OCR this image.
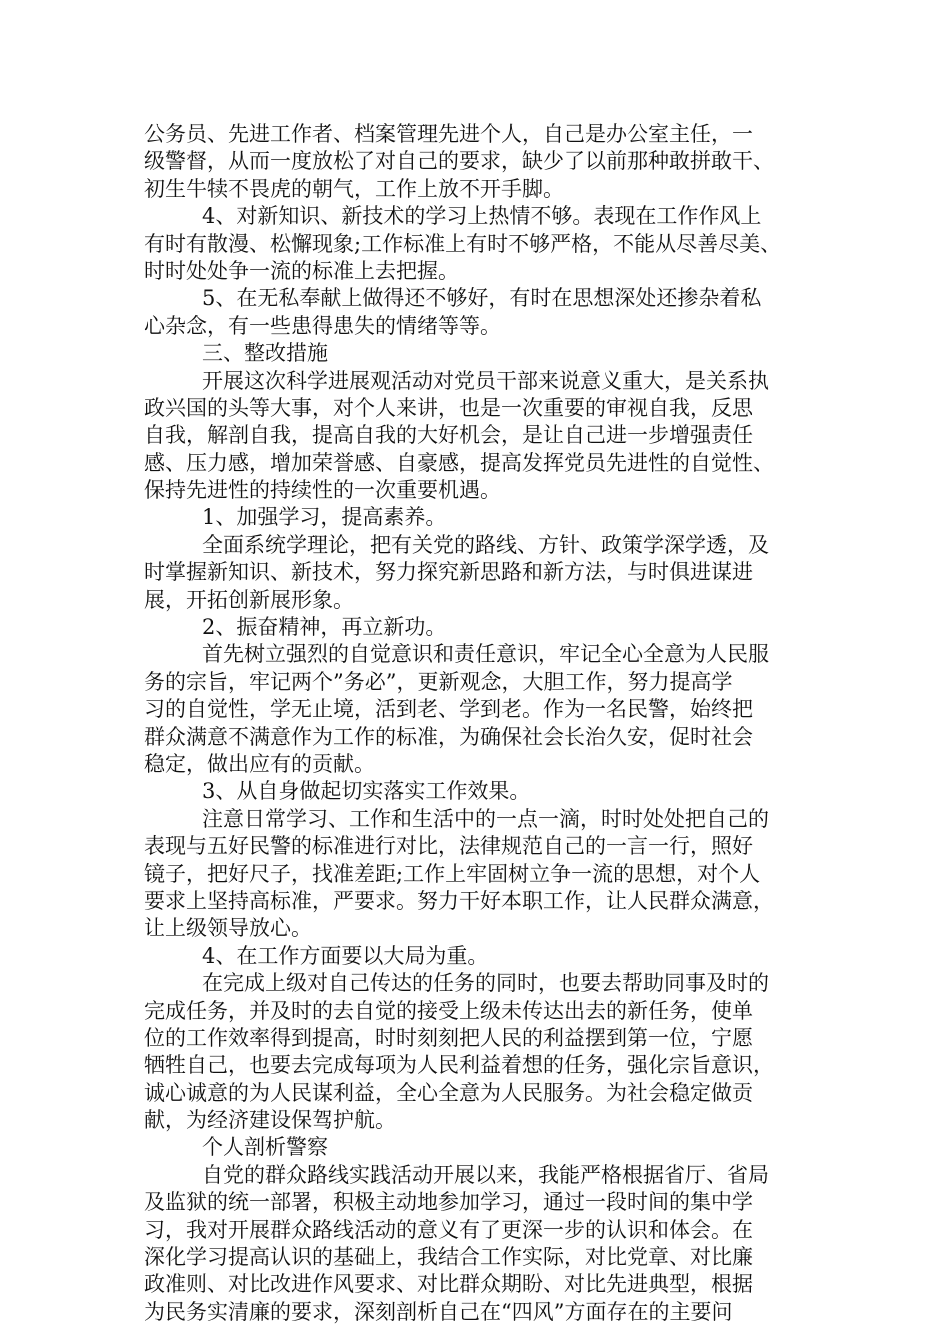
公务员、先进工作者、档案管理先进个人，自己是办公室主任，一
级警督，从而一度放松了对自己的要求，缺少了以前那种敢拼敢干、
初生牛犊不畏虎的朝气，工作上放不开手脚。
4、对新知识、新技术的学习上热情不够。表现在工作作风上
有时有散漫、松懈现象;工作标准上有时不够严格，不能从尽善尽美、
时时处处争一流的标准上去把握。
5、在无私奉献上做得还不够好，有时在思想深处还掺杂着私
心杂念，有一些患得患失的情绪等等。
三、整改措施
开展这次科学进展观活动对党员干部来说意义重大，是关系执
政兴国的头等大事，对个人来讲，也是一次重要的审视自我，反思
自我，解剖自我，提高自我的大好机会，是让自己进一步增强责任
感、压力感，增加荣誉感、自豪感，提高发挥党员先进性的自觉性、
保持先进性的持续性的一次重要机遇。
1、加强学习，提高素养。
全面系统学理论，把有关党的路线、方针、政策学深学透，及
时掌握新知识、新技术，努力探究新思路和新方法，与时俱进谋进
展，开拓创新展形象。
2、振奋精神，再立新功。
首先树立强烈的自觉意识和责任意识，牢记全心全意为人民服
务的宗旨，牢记两个”务必”，更新观念，大胆工作，努力提高学
习的自觉性，学无止境，活到老、学到老。作为一名民警，始终把
群众满意不满意作为工作的标准，为确保社会长治久安，促时社会
稳定，做出应有的贡献。
3、从自身做起切实落实工作效果。
注意日常学习、工作和生活中的一点一滴，时时处处把自己的
表现与五好民警的标准进行对比，法律规范自己的一言一行，照好
镜子，把好尺子，找准差距;工作上牢固树立争一流的思想，对个人
要求上坚持高标准，严要求。努力干好本职工作，让人民群众满意，
让上级领导放心。
4、在工作方面要以大局为重。
在完成上级对自己传达的任务的同时，也要去帮助同事及时的
完成任务，并及时的去自觉的接受上级未传达出去的新任务，使单
位的工作效率得到提高，时时刻刻把人民的利益摆到第一位，宁愿
牺牲自己，也要去完成每项为人民利益着想的任务，强化宗旨意识，
诚心诚意的为人民谋利益，全心全意为人民服务。为社会稳定做贡
献，为经济建设保驾护航。
个人剖析警察
自党的群众路线实践活动开展以来，我能严格根据省厅、省局
及监狱的统一部署，积极主动地参加学习，通过一段时间的集中学
习，我对开展群众路线活动的意义有了更深一步的认识和体会。在
深化学习提高认识的基础上，我结合工作实际，对比党章、对比廉
政准则、对比改进作风要求、对比群众期盼、对比先进典型，根据
为民务实清廉的要求，深刻剖析自己在“四风”方面存在的主要问
